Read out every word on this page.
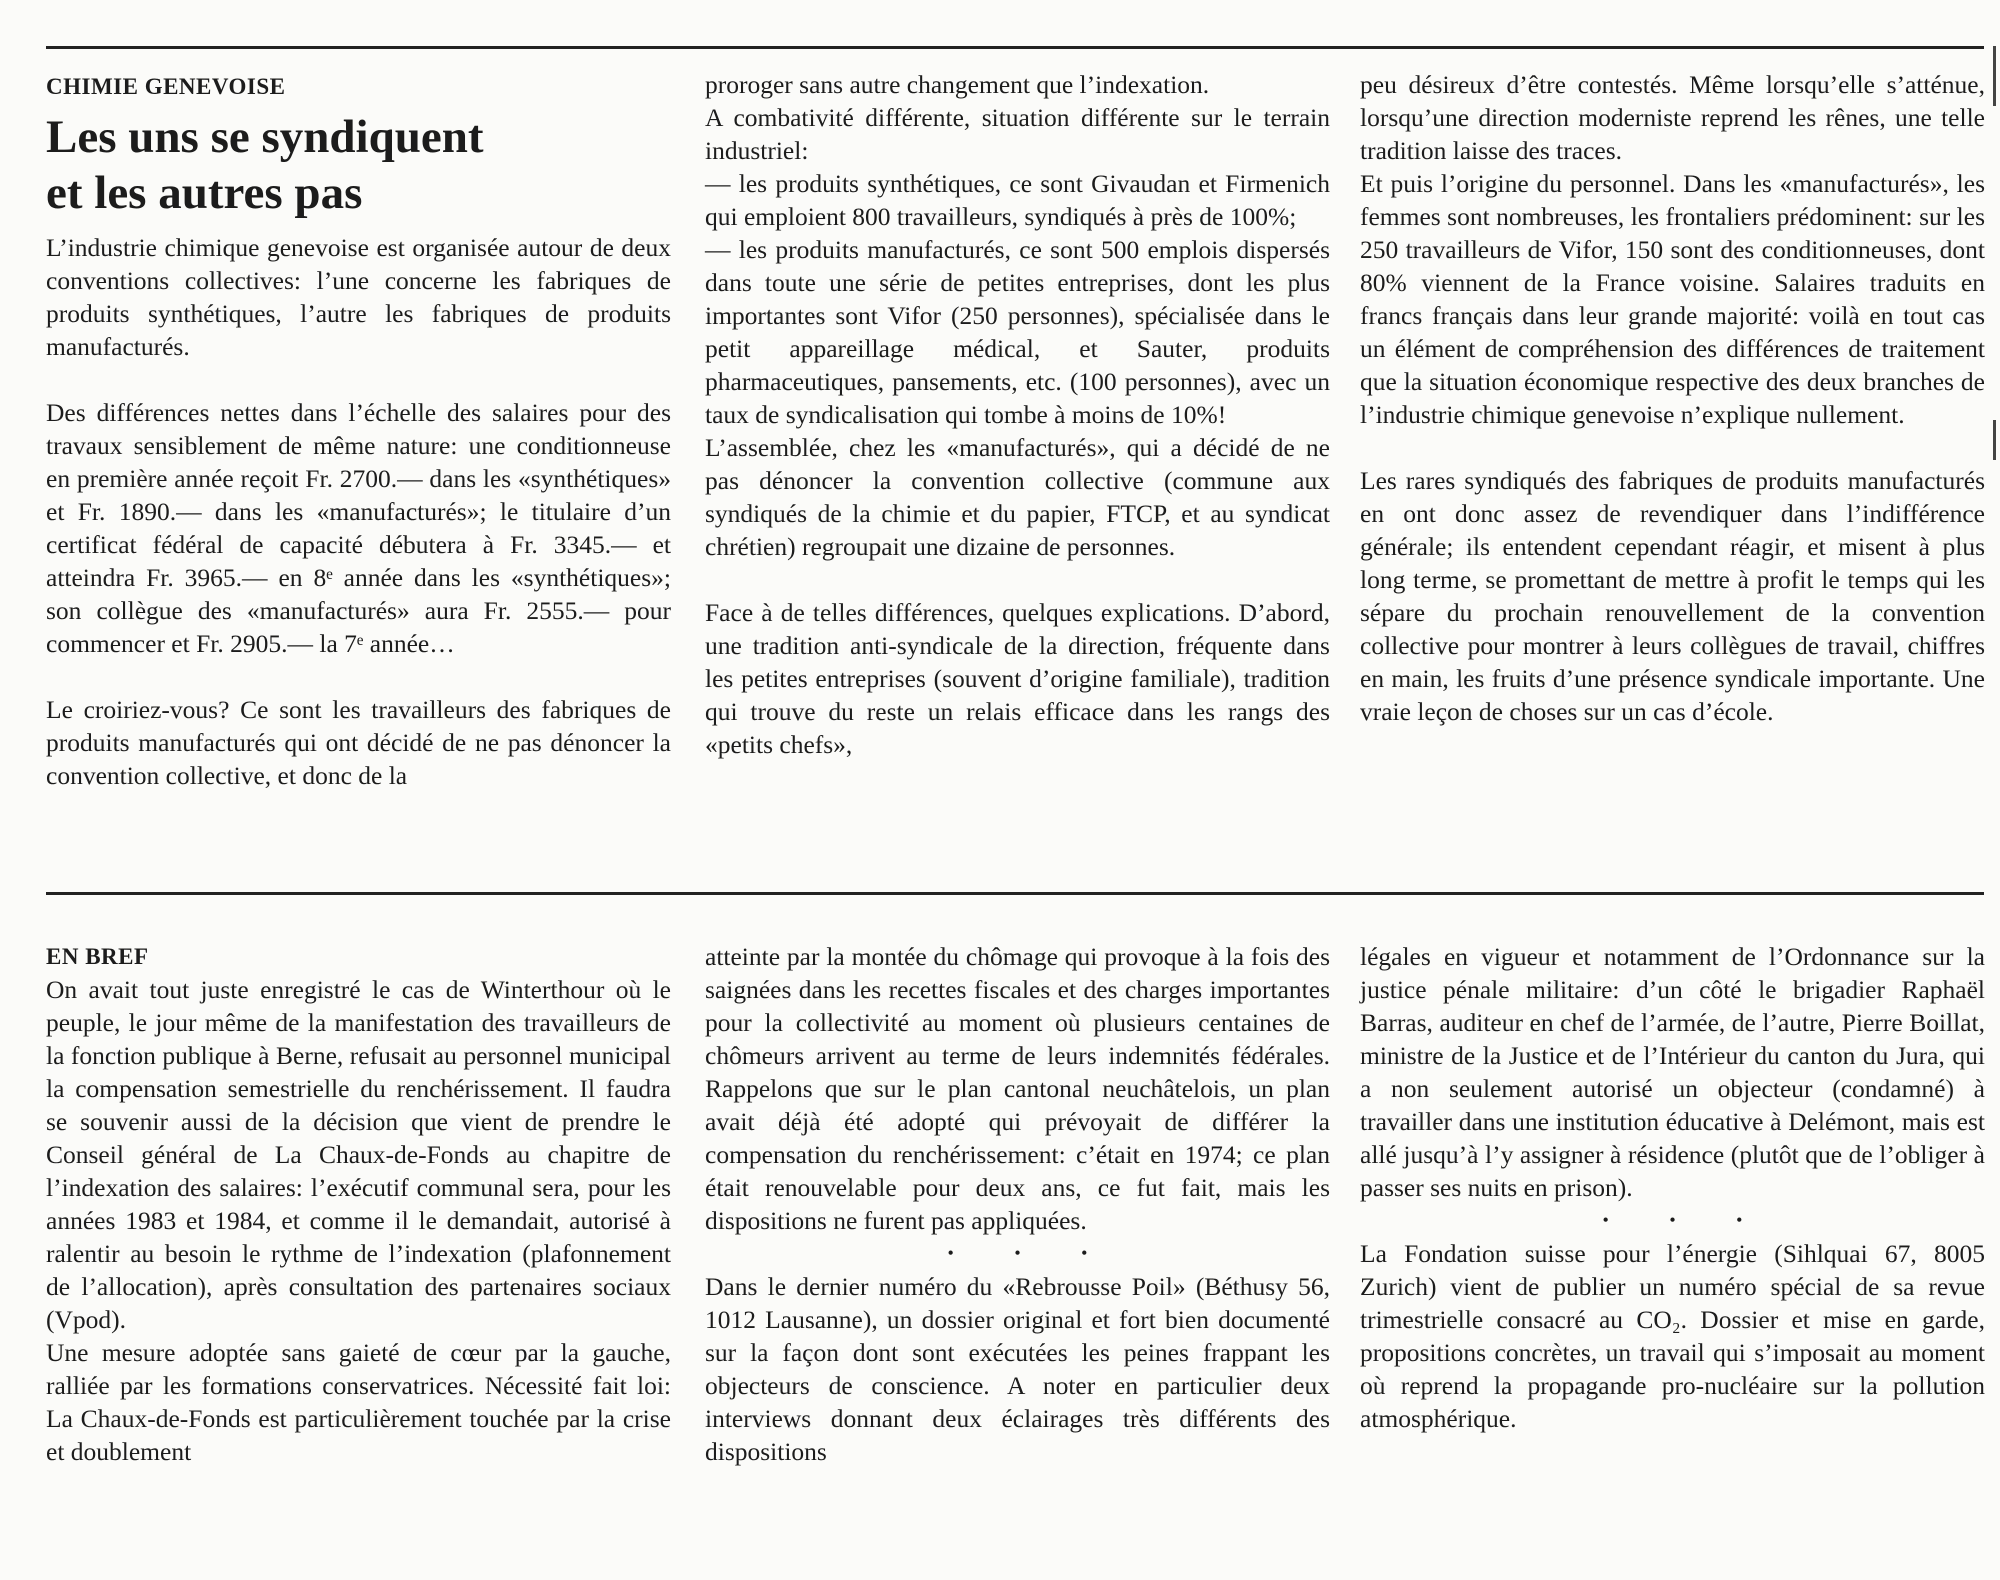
CHIMIE GENEVOISE

Les uns se syndiquent
et les autres pas

L’industrie chimique genevoise est organisée autour de deux conventions collectives: l’une concerne les fabriques de produits synthétiques, l’autre les fabriques de produits manufacturés.

Des différences nettes dans l’échelle des salaires pour des travaux sensiblement de même nature: une conditionneuse en première année reçoit Fr. 2700.— dans les «synthétiques» et Fr. 1890.— dans les «manufacturés»; le titulaire d’un certificat fédéral de capacité débutera à Fr. 3345.— et atteindra Fr. 3965.— en 8ᵉ année dans les «synthétiques»; son collègue des «manufacturés» aura Fr. 2555.— pour commencer et Fr. 2905.— la 7ᵉ année…

Le croiriez-vous? Ce sont les travailleurs des fabriques de produits manufacturés qui ont décidé de ne pas dénoncer la convention collective, et donc de la

proroger sans autre changement que l’indexation.

A combativité différente, situation différente sur le terrain industriel:

— les produits synthétiques, ce sont Givaudan et Firmenich qui emploient 800 travailleurs, syndiqués à près de 100%;

— les produits manufacturés, ce sont 500 emplois dispersés dans toute une série de petites entreprises, dont les plus importantes sont Vifor (250 personnes), spécialisée dans le petit appareillage médical, et Sauter, produits pharmaceutiques, pansements, etc. (100 personnes), avec un taux de syndicalisation qui tombe à moins de 10%!

L’assemblée, chez les «manufacturés», qui a décidé de ne pas dénoncer la convention collective (commune aux syndiqués de la chimie et du papier, FTCP, et au syndicat chrétien) regroupait une dizaine de personnes.

Face à de telles différences, quelques explications. D’abord, une tradition anti-syndicale de la direction, fréquente dans les petites entreprises (souvent d’origine familiale), tradition qui trouve du reste un relais efficace dans les rangs des «petits chefs»,

peu désireux d’être contestés. Même lorsqu’elle s’atténue, lorsqu’une direction moderniste reprend les rênes, une telle tradition laisse des traces.

Et puis l’origine du personnel. Dans les «manufacturés», les femmes sont nombreuses, les frontaliers prédominent: sur les 250 travailleurs de Vifor, 150 sont des conditionneuses, dont 80% viennent de la France voisine. Salaires traduits en francs français dans leur grande majorité: voilà en tout cas un élément de compréhension des différences de traitement que la situation économique respective des deux branches de l’industrie chimique genevoise n’explique nullement.

Les rares syndiqués des fabriques de produits manufacturés en ont donc assez de revendiquer dans l’indifférence générale; ils entendent cependant réagir, et misent à plus long terme, se promettant de mettre à profit le temps qui les sépare du prochain renouvellement de la convention collective pour montrer à leurs collègues de travail, chiffres en main, les fruits d’une présence syndicale importante. Une vraie leçon de choses sur un cas d’école.

EN BREF

On avait tout juste enregistré le cas de Winterthour où le peuple, le jour même de la manifestation des travailleurs de la fonction publique à Berne, refusait au personnel municipal la compensation semestrielle du renchérissement. Il faudra se souvenir aussi de la décision que vient de prendre le Conseil général de La Chaux-de-Fonds au chapitre de l’indexation des salaires: l’exécutif communal sera, pour les années 1983 et 1984, et comme il le demandait, autorisé à ralentir au besoin le rythme de l’indexation (plafonnement de l’allocation), après consultation des partenaires sociaux (Vpod).

Une mesure adoptée sans gaieté de cœur par la gauche, ralliée par les formations conservatrices. Nécessité fait loi: La Chaux-de-Fonds est particulièrement touchée par la crise et doublement

atteinte par la montée du chômage qui provoque à la fois des saignées dans les recettes fiscales et des charges importantes pour la collectivité au moment où plusieurs centaines de chômeurs arrivent au terme de leurs indemnités fédérales. Rappelons que sur le plan cantonal neuchâtelois, un plan avait déjà été adopté qui prévoyait de différer la compensation du renchérissement: c’était en 1974; ce plan était renouvelable pour deux ans, ce fut fait, mais les dispositions ne furent pas appliquées.

• • •

Dans le dernier numéro du «Rebrousse Poil» (Béthusy 56, 1012 Lausanne), un dossier original et fort bien documenté sur la façon dont sont exécutées les peines frappant les objecteurs de conscience. A noter en particulier deux interviews donnant deux éclairages très différents des dispositions

légales en vigueur et notamment de l’Ordonnance sur la justice pénale militaire: d’un côté le brigadier Raphaël Barras, auditeur en chef de l’armée, de l’autre, Pierre Boillat, ministre de la Justice et de l’Intérieur du canton du Jura, qui a non seulement autorisé un objecteur (condamné) à travailler dans une institution éducative à Delémont, mais est allé jusqu’à l’y assigner à résidence (plutôt que de l’obliger à passer ses nuits en prison).

• • •

La Fondation suisse pour l’énergie (Sihlquai 67, 8005 Zurich) vient de publier un numéro spécial de sa revue trimestrielle consacré au CO₂. Dossier et mise en garde, propositions concrètes, un travail qui s’imposait au moment où reprend la propagande pro-nucléaire sur la pollution atmosphérique.
